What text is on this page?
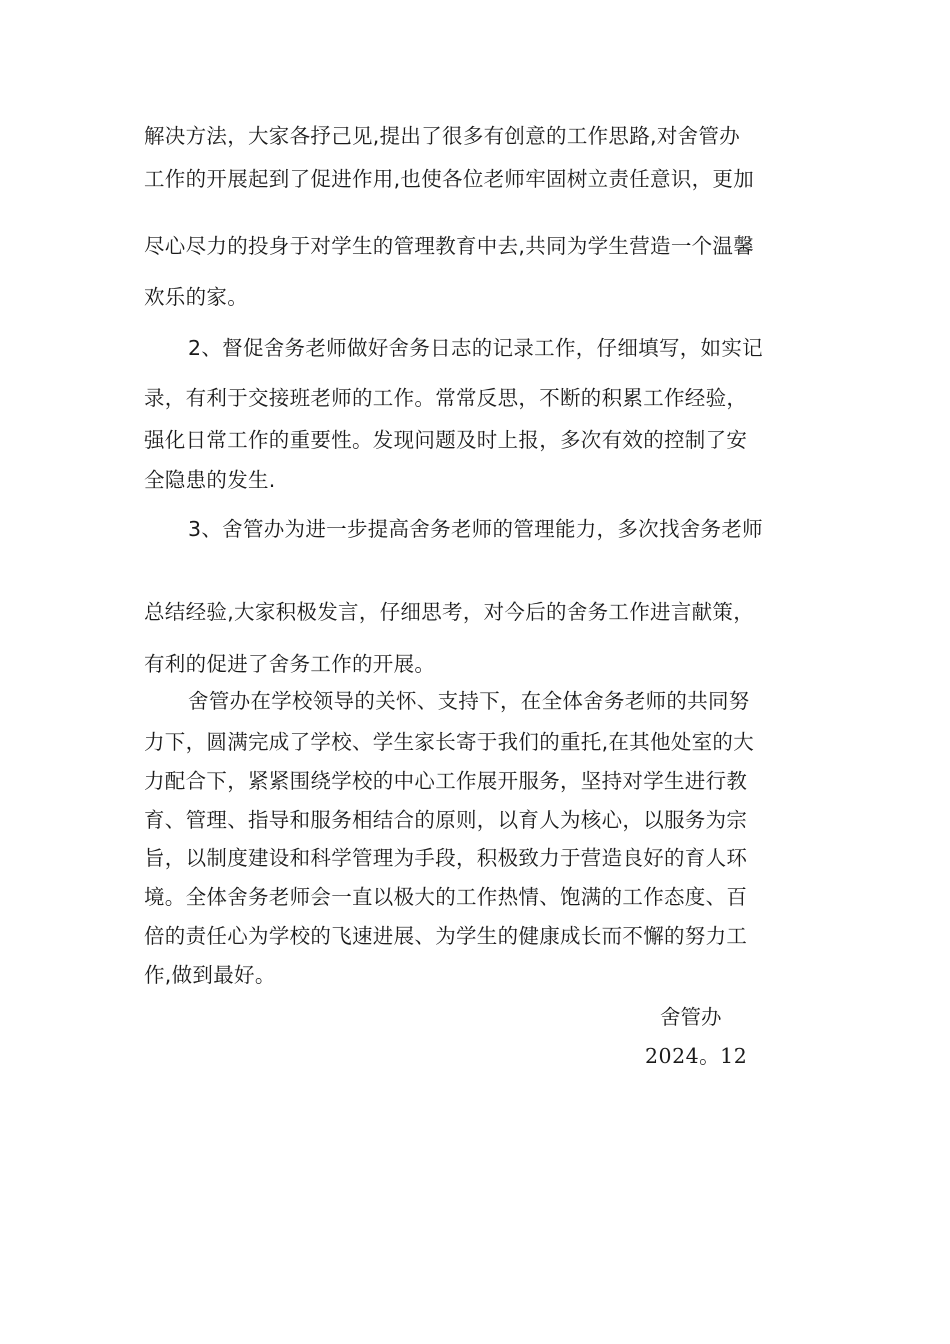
解决方法，大家各抒己见,提出了很多有创意的工作思路,对舍管办

工作的开展起到了促进作用,也使各位老师牢固树立责任意识，更加

尽心尽力的投身于对学生的管理教育中去,共同为学生营造一个温馨

欢乐的家。

2、督促舍务老师做好舍务日志的记录工作，仔细填写，如实记

录，有利于交接班老师的工作。常常反思，不断的积累工作经验，

强化日常工作的重要性。发现问题及时上报，多次有效的控制了安

全隐患的发生.

3、舍管办为进一步提高舍务老师的管理能力，多次找舍务老师

总结经验,大家积极发言，仔细思考，对今后的舍务工作进言献策，

有利的促进了舍务工作的开展。

舍管办在学校领导的关怀、支持下，在全体舍务老师的共同努

力下，圆满完成了学校、学生家长寄于我们的重托,在其他处室的大

力配合下，紧紧围绕学校的中心工作展开服务，坚持对学生进行教

育、管理、指导和服务相结合的原则，以育人为核心，以服务为宗

旨，以制度建设和科学管理为手段，积极致力于营造良好的育人环

境。全体舍务老师会一直以极大的工作热情、饱满的工作态度、百

倍的责任心为学校的飞速进展、为学生的健康成长而不懈的努力工

作,做到最好。

舍管办

2024。12
